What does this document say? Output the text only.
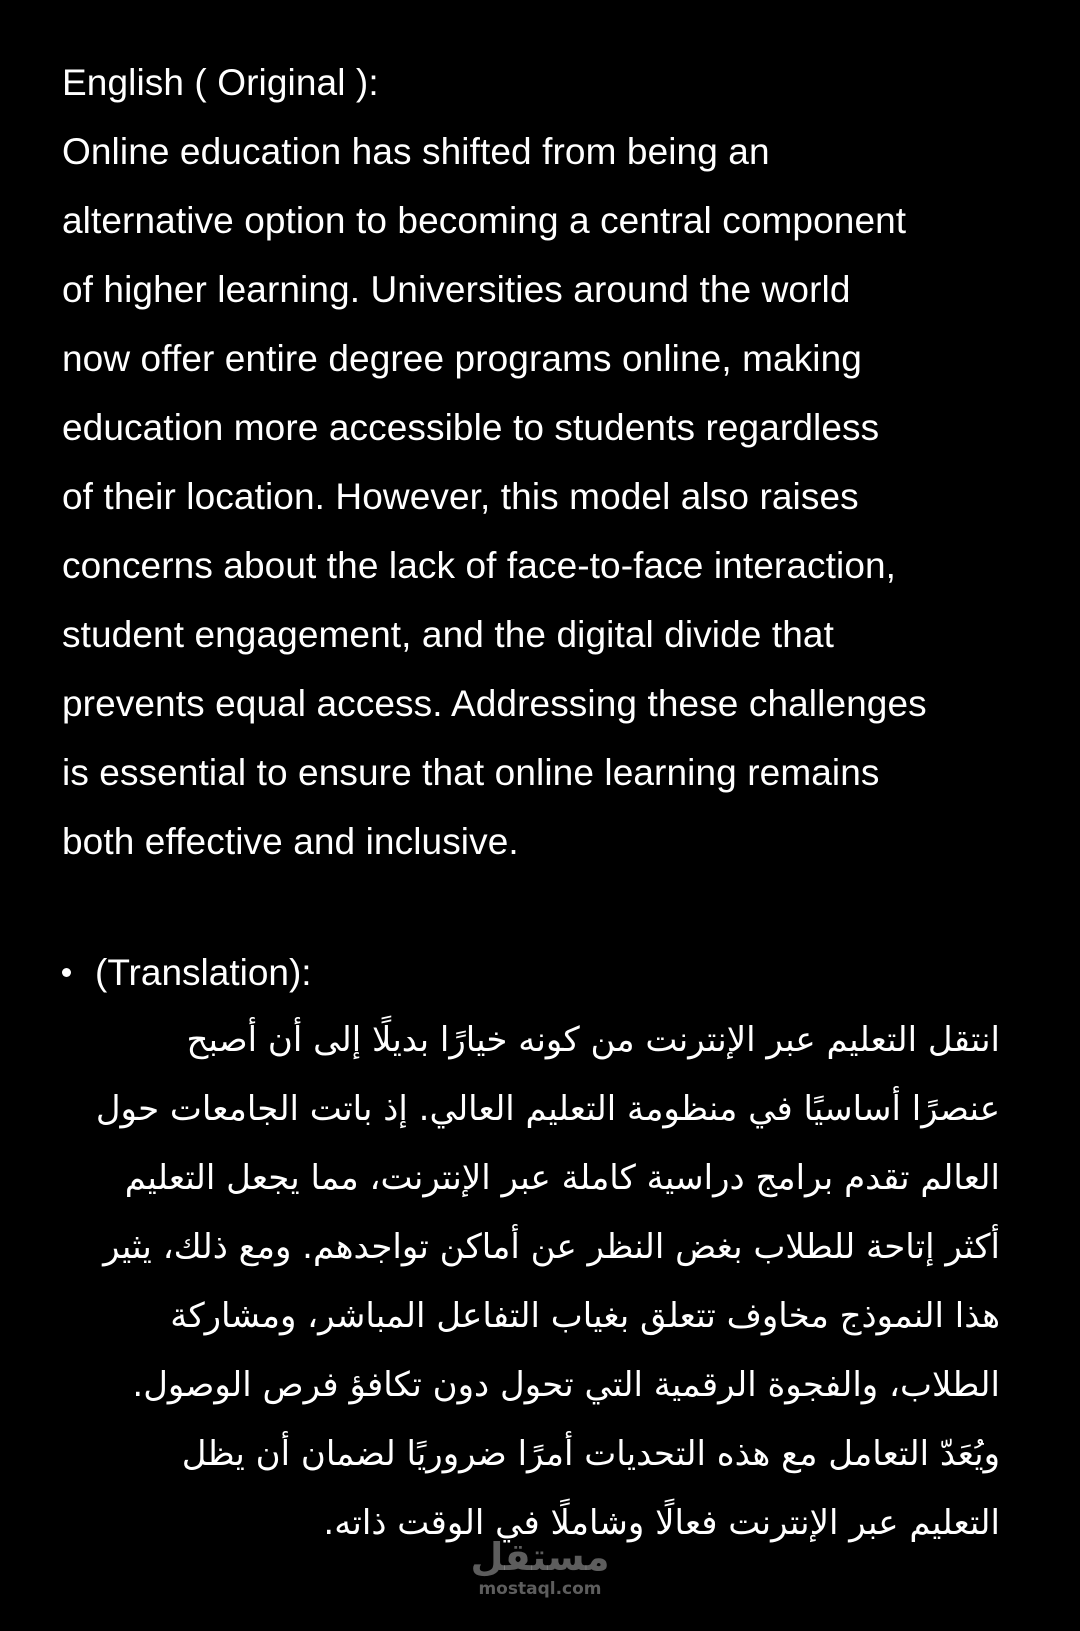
English ( Original ):

Online education has shifted from being an

alternative option to becoming a central component

of higher learning. Universities around the world

now offer entire degree programs online, making

education more accessible to students regardless

of their location. However, this model also raises

concerns about the lack of face-to-face interaction,

student engagement, and the digital divide that

prevents equal access. Addressing these challenges

is essential to ensure that online learning remains

both effective and inclusive.

(Translation):
انتقل التعليم عبر الإنترنت من كونه خيارًا بديلًا إلى أن أصبح
عنصرًا أساسيًا في منظومة التعليم العالي. إذ باتت الجامعات حول
العالم تقدم برامج دراسية كاملة عبر الإنترنت، مما يجعل التعليم
أكثر إتاحة للطلاب بغض النظر عن أماكن تواجدهم. ومع ذلك، يثير
هذا النموذج مخاوف تتعلق بغياب التفاعل المباشر، ومشاركة
الطلاب، والفجوة الرقمية التي تحول دون تكافؤ فرص الوصول.
ويُعَدّ التعامل مع هذه التحديات أمرًا ضروريًا لضمان أن يظل
التعليم عبر الإنترنت فعالًا وشاملًا في الوقت ذاته.
مستقل
mostaql.com
